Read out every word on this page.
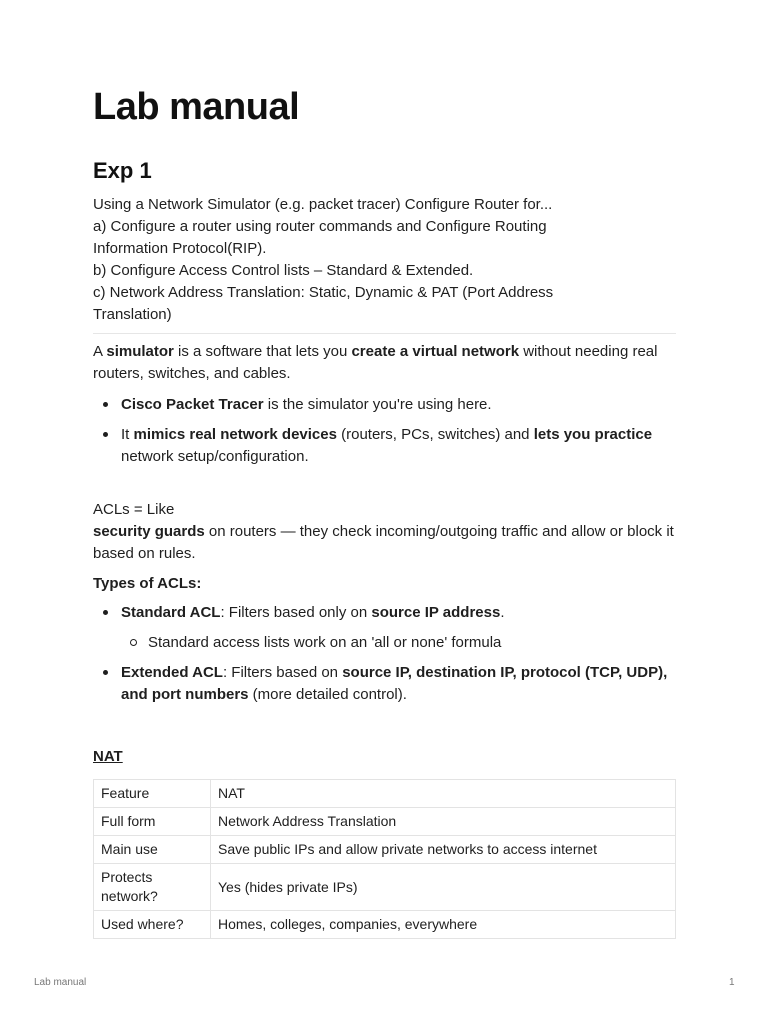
Lab manual
Exp 1

Using a Network Simulator (e.g. packet tracer) Configure Router for...

a) Configure a router using router commands and Configure Routing

Information Protocol(RIP).

b) Configure Access Control lists – Standard & Extended.

c) Network Address Translation: Static, Dynamic & PAT (Port Address

Translation)

A simulator is a software that lets you create a virtual network without needing real routers, switches, and cables.

Cisco Packet Tracer is the simulator you're using here.
It mimics real network devices (routers, PCs, switches) and lets you practice network setup/configuration.

ACLs = Like

security guards on routers — they check incoming/outgoing traffic and allow or block it based on rules.

Types of ACLs:
Standard ACL: Filters based only on source IP address.
Standard access lists work on an 'all or none' formula
Extended ACL: Filters based on source IP, destination IP, protocol (TCP, UDP), and port numbers (more detailed control).
NAT
Feature	NAT
Full form	Network Address Translation
Main use	Save public IPs and allow private networks to access internet
Protects network?	Yes (hides private IPs)
Used where?	Homes, colleges, companies, everywhere
Lab manual	1
